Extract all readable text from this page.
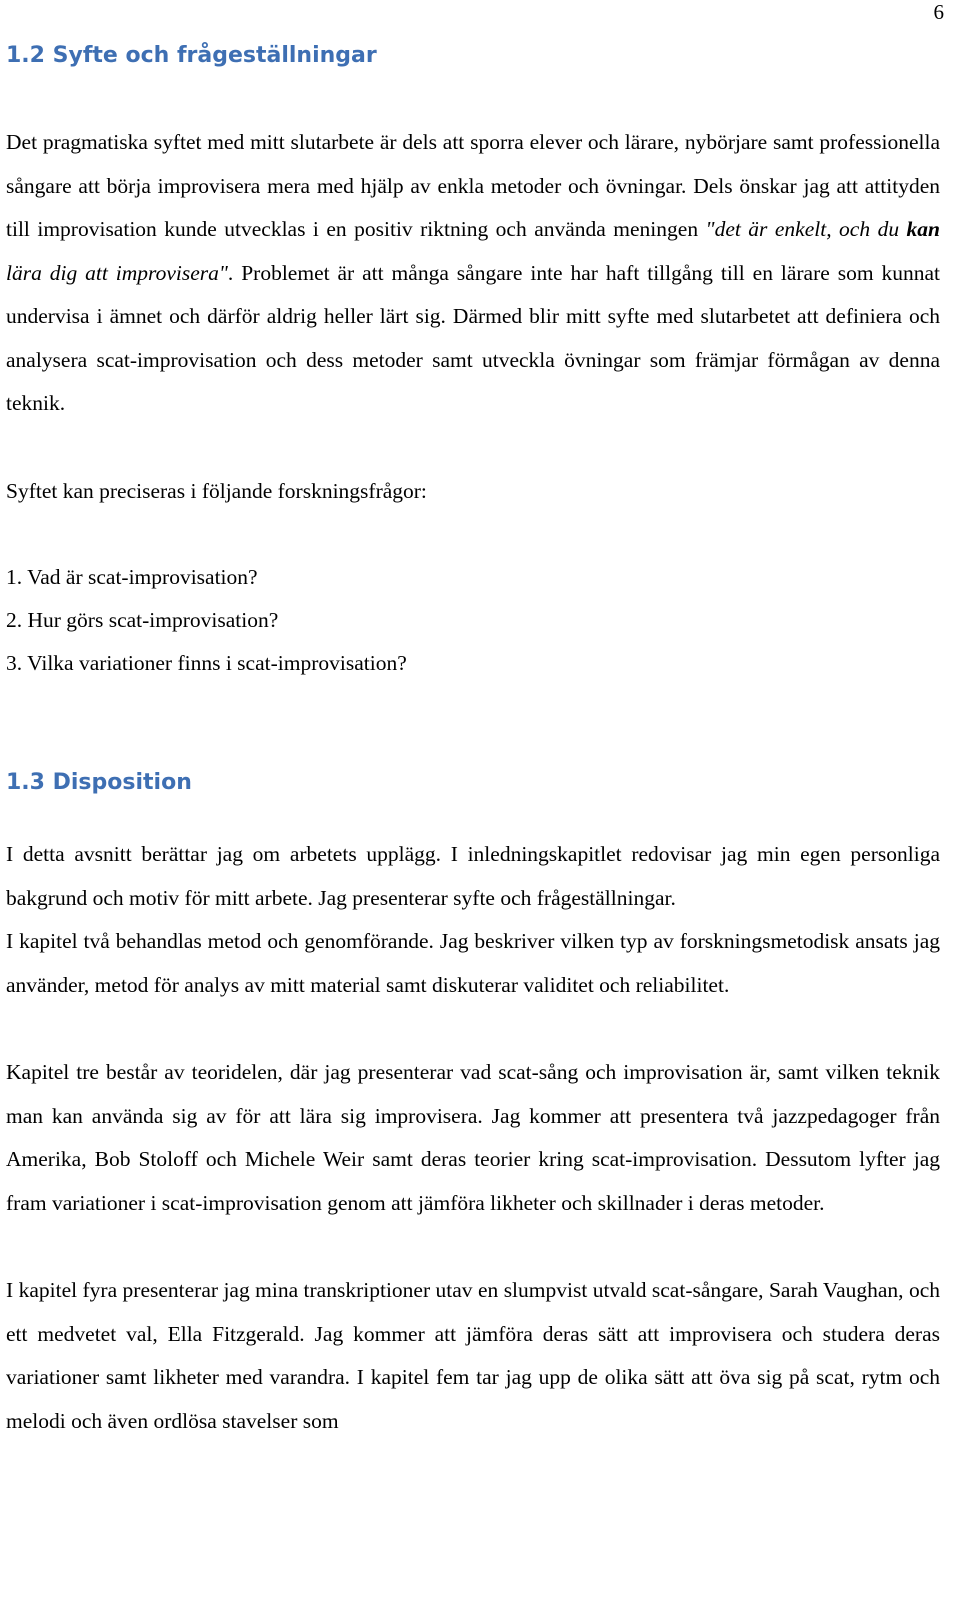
6
1.2 Syfte och frågeställningar

Det pragmatiska syftet med mitt slutarbete är dels att sporra elever och lärare, nybörjare samt professionella sångare att börja improvisera mera med hjälp av enkla metoder och övningar. Dels önskar jag att attityden till improvisation kunde utvecklas i en positiv riktning och använda meningen "det är enkelt, och du kan lära dig att improvisera". Problemet är att många sångare inte har haft tillgång till en lärare som kunnat undervisa i ämnet och därför aldrig heller lärt sig. Därmed blir mitt syfte med slutarbetet att definiera och analysera scat-improvisation och dess metoder samt utveckla övningar som främjar förmågan av denna teknik.

Syftet kan preciseras i följande forskningsfrågor:

1. Vad är scat-improvisation?

2. Hur görs scat-improvisation?

3. Vilka variationer finns i scat-improvisation?

1.3 Disposition

I detta avsnitt berättar jag om arbetets upplägg. I inledningskapitlet redovisar jag min egen personliga bakgrund och motiv för mitt arbete. Jag presenterar syfte och frågeställningar.

I kapitel två behandlas metod och genomförande. Jag beskriver vilken typ av forskningsmetodisk ansats jag använder, metod för analys av mitt material samt diskuterar validitet och reliabilitet.

Kapitel tre består av teoridelen, där jag presenterar vad scat-sång och improvisation är, samt vilken teknik man kan använda sig av för att lära sig improvisera. Jag kommer att presentera två jazzpedagoger från Amerika, Bob Stoloff och Michele Weir samt deras teorier kring scat-improvisation. Dessutom lyfter jag fram variationer i scat-improvisation genom att jämföra likheter och skillnader i deras metoder.

I kapitel fyra presenterar jag mina transkriptioner utav en slumpvist utvald scat-sångare, Sarah Vaughan, och ett medvetet val, Ella Fitzgerald. Jag kommer att jämföra deras sätt att improvisera och studera deras variationer samt likheter med varandra. I kapitel fem tar jag upp de olika sätt att öva sig på scat, rytm och melodi och även ordlösa stavelser som
